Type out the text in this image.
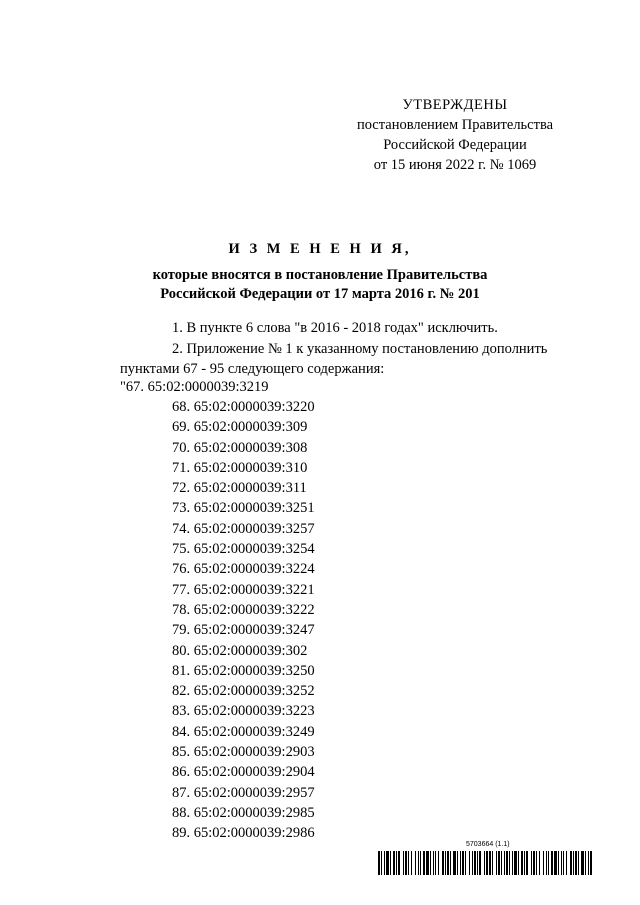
УТВЕРЖДЕНЫ
постановлением Правительства
Российской Федерации
от 15 июня 2022 г. № 1069
И З М Е Н Е Н И Я,
которые вносятся в постановление Правительства
Российской Федерации от 17 марта 2016 г. № 201
1. В пункте 6 слова "в 2016 - 2018 годах" исключить.
2. Приложение № 1 к указанному постановлению дополнить
пунктами 67 - 95 следующего содержания:
"67. 65:02:0000039:3219
68. 65:02:0000039:3220
69. 65:02:0000039:309
70. 65:02:0000039:308
71. 65:02:0000039:310
72. 65:02:0000039:311
73. 65:02:0000039:3251
74. 65:02:0000039:3257
75. 65:02:0000039:3254
76. 65:02:0000039:3224
77. 65:02:0000039:3221
78. 65:02:0000039:3222
79. 65:02:0000039:3247
80. 65:02:0000039:302
81. 65:02:0000039:3250
82. 65:02:0000039:3252
83. 65:02:0000039:3223
84. 65:02:0000039:3249
85. 65:02:0000039:2903
86. 65:02:0000039:2904
87. 65:02:0000039:2957
88. 65:02:0000039:2985
89. 65:02:0000039:2986
5703664 (1.1)
